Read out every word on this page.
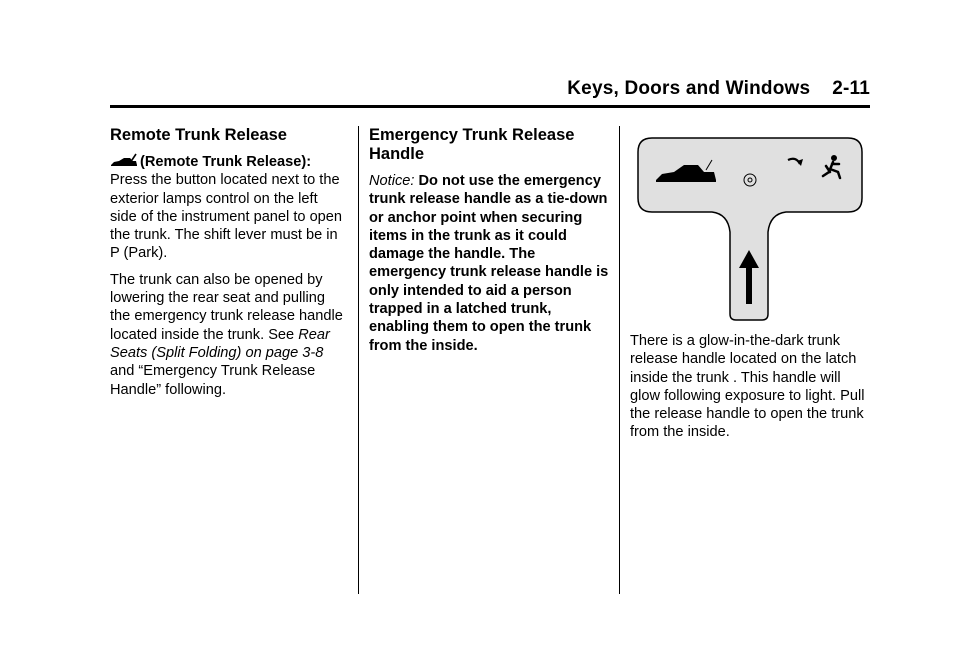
Keys, Doors and Windows 2-11
Remote Trunk Release

(Remote Trunk Release): Press the button located next to the exterior lamps control on the left side of the instrument panel to open the trunk. The shift lever must be in P (Park).

The trunk can also be opened by lowering the rear seat and pulling the emergency trunk release handle located inside the trunk. See Rear Seats (Split Folding) on page 3-8 and “Emergency Trunk Release Handle” following.

Emergency Trunk Release Handle

Notice: Do not use the emergency trunk release handle as a tie-down or anchor point when securing items in the trunk as it could damage the handle. The emergency trunk release handle is only intended to aid a person trapped in a latched trunk, enabling them to open the trunk from the inside.	There is a glow-in-the-dark trunk release handle located on the latch inside the trunk . This handle will glow following exposure to light. Pull the release handle to open the trunk from the inside.
